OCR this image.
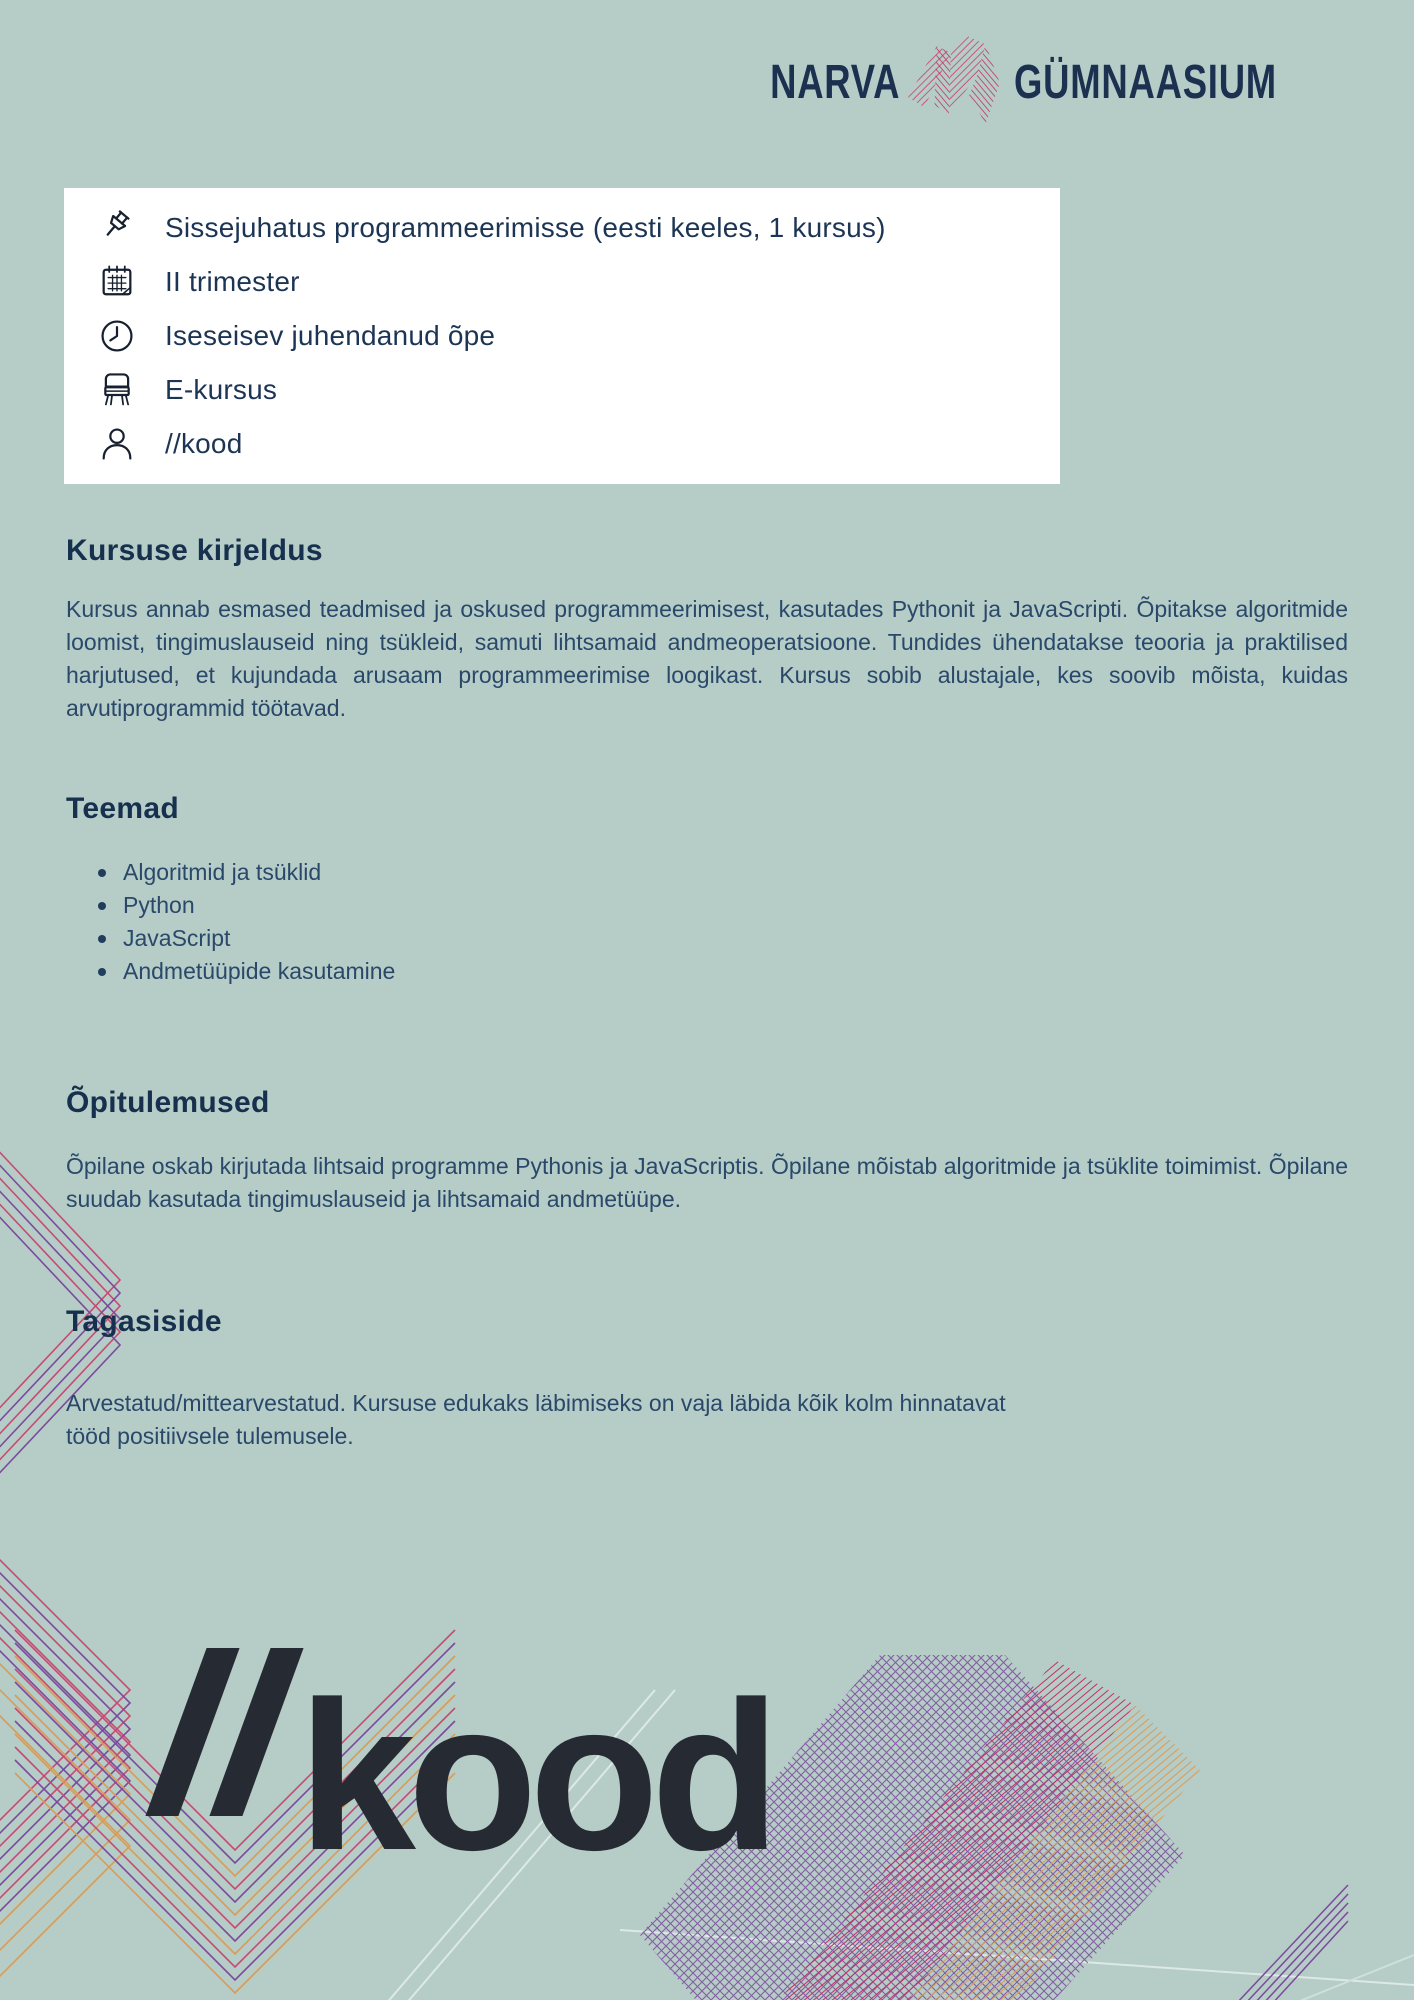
NARVA GÜMNAASIUM
Sissejuhatus programmeerimisse (eesti keeles, 1 kursus)
II trimester
Iseseisev juhendanud õpe
E-kursus
//kood
Kursuse kirjeldus

Kursus annab esmased teadmised ja oskused programmeerimisest, kasutades Pythonit ja JavaScripti. Õpitakse algoritmide loomist, tingimuslauseid ning tsükleid, samuti lihtsamaid andmeoperatsioone. Tundides ühendatakse teooria ja praktilised harjutused, et kujundada arusaam programmeerimise loogikast. Kursus sobib alustajale, kes soovib mõista, kuidas arvutiprogrammid töötavad.

Teemad
Algoritmid ja tsüklid
Python
JavaScript
Andmetüüpide kasutamine
Õpitulemused

Õpilane oskab kirjutada lihtsaid programme Pythonis ja JavaScriptis. Õpilane mõistab algoritmide ja tsüklite toimimist. Õpilane suudab kasutada tingimuslauseid ja lihtsamaid andmetüüpe.

Tagasiside

Arvestatud/mittearvestatud. Kursuse edukaks läbimiseks on vaja läbida kõik kolm hinnatavat tööd positiivsele tulemusele.

kood
